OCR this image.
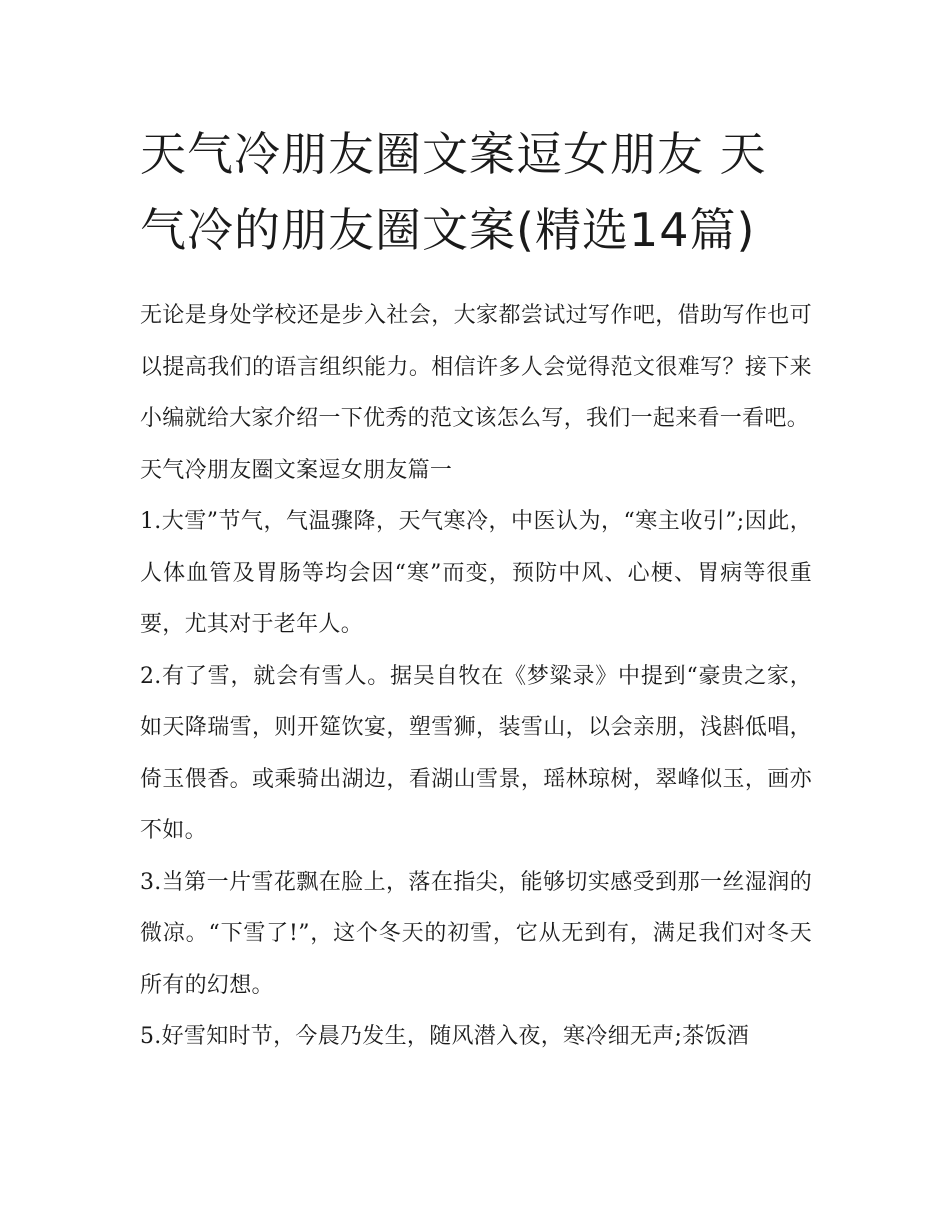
天气冷朋友圈文案逗女朋友 天气冷的朋友圈文案(精选14篇)

无论是身处学校还是步入社会，大家都尝试过写作吧，借助写作也可以提高我们的语言组织能力。相信许多人会觉得范文很难写？接下来小编就给大家介绍一下优秀的范文该怎么写，我们一起来看一看吧。

天气冷朋友圈文案逗女朋友篇一

1.大雪”节气，气温骤降，天气寒冷，中医认为，“寒主收引”;因此，人体血管及胃肠等均会因“寒”而变，预防中风、心梗、胃病等很重要，尤其对于老年人。

2.有了雪，就会有雪人。据吴自牧在《梦粱录》中提到“豪贵之家，如天降瑞雪，则开筵饮宴，塑雪狮，装雪山，以会亲朋，浅斟低唱，倚玉偎香。或乘骑出湖边，看湖山雪景，瑶林琼树，翠峰似玉，画亦不如。

3.当第一片雪花飘在脸上，落在指尖，能够切实感受到那一丝湿润的微凉。“下雪了!”，这个冬天的初雪，它从无到有，满足我们对冬天所有的幻想。

5.好雪知时节，今晨乃发生，随风潜入夜，寒冷细无声;茶饭酒
